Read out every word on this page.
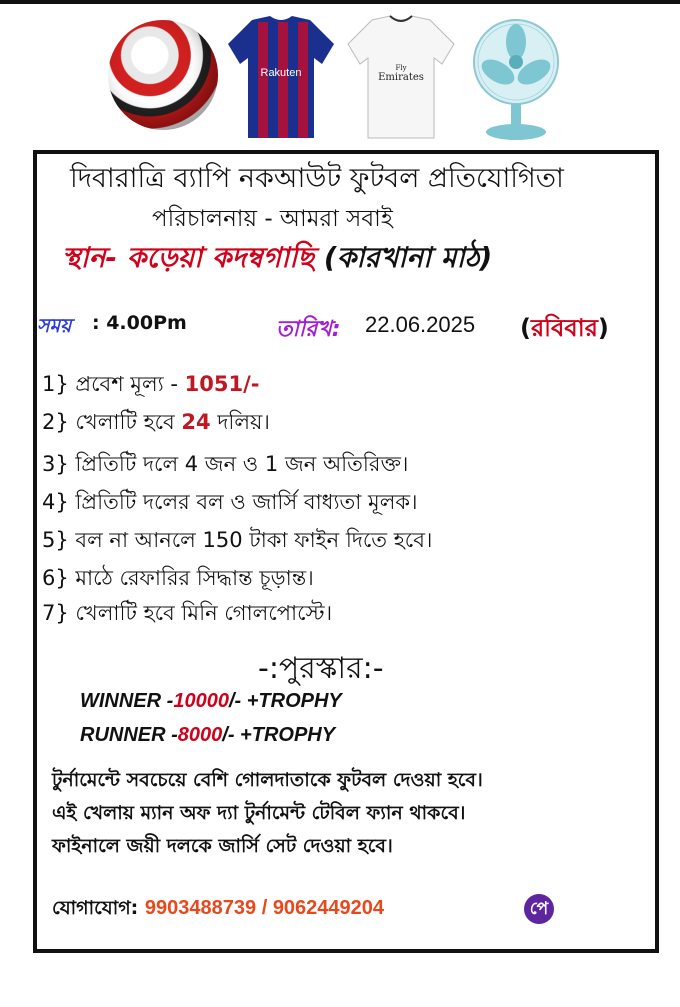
Rakuten	Fly
Emirates
দিবারাত্রি ব্যাপি নকআউট ফুটবল প্রতিযোগিতা
পরিচালনায় - আমরা সবাই
স্থান- কড়েয়া কদম্বগাছি (কারখানা মাঠ)
সময় : 4.00Pm	তারিখ: 22.06.2025 (রবিবার)
1} প্রবেশ মূল্য - 1051/-
2} খেলাটি হবে 24 দলিয়।
3} প্রিতিটি দলে 4 জন ও 1 জন অতিরিক্ত।
4} প্রিতিটি দলের বল ও জার্সি বাধ্যতা মূলক।
5} বল না আনলে 150 টাকা ফাইন দিতে হবে।
6} মাঠে রেফারির সিদ্ধান্ত চূড়ান্ত।
7} খেলাটি হবে মিনি গোলপোস্টে।
-:পুরস্কার:-
WINNER -10000/- +TROPHY
RUNNER -8000/- +TROPHY
টুর্নামেন্টে সবচেয়ে বেশি গোলদাতাকে ফুটবল দেওয়া হবে।
এই খেলায় ম্যান অফ দ্যা টুর্নামেন্ট টেবিল ফ্যান থাকবে।
ফাইনালে জয়ী দলকে জার্সি সেট দেওয়া হবে।
যোগাযোগ: 9903488739 / 9062449204	পে
